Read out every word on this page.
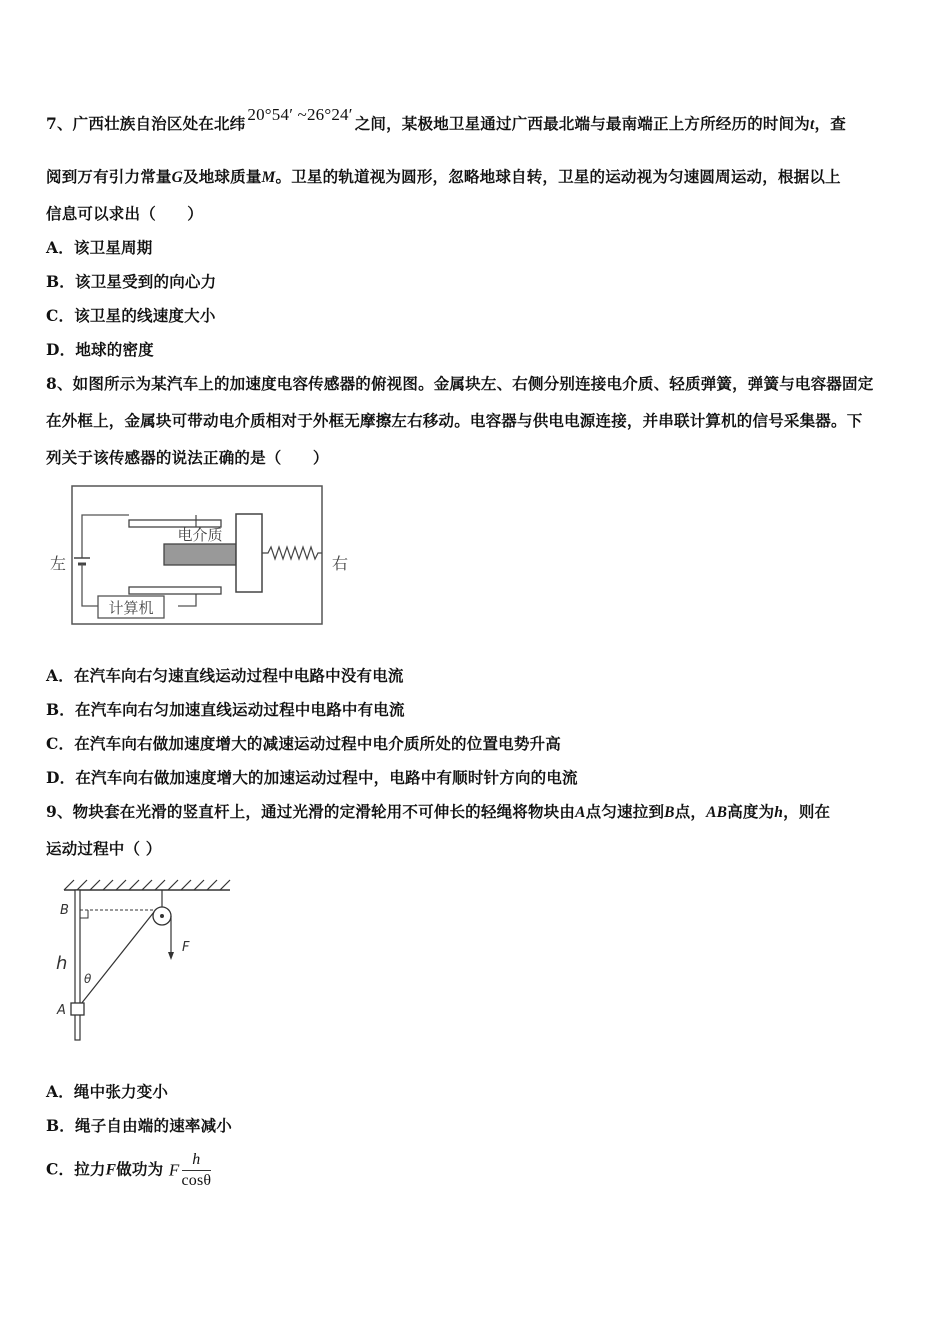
7、广西壮族自治区处在北纬 20°54′ ~26°24′ 之间，某极地卫星通过广西最北端与最南端正上方所经历的时间为t，查
阅到万有引力常量G及地球质量M。卫星的轨道视为圆形，忽略地球自转，卫星的运动视为匀速圆周运动，根据以上
信息可以求出（　　）
A．该卫星周期
B．该卫星受到的向心力
C．该卫星的线速度大小
D．地球的密度
8、如图所示为某汽车上的加速度电容传感器的俯视图。金属块左、右侧分别连接电介质、轻质弹簧，弹簧与电容器固定
在外框上，金属块可带动电介质相对于外框无摩擦左右移动。电容器与供电电源连接，并串联计算机的信号采集器。下
列关于该传感器的说法正确的是（　　）
计算机
电介质
左	右
A．在汽车向右匀速直线运动过程中电路中没有电流
B．在汽车向右匀加速直线运动过程中电路中有电流
C．在汽车向右做加速度增大的减速运动过程中电介质所处的位置电势升高
D．在汽车向右做加速度增大的加速运动过程中，电路中有顺时针方向的电流
9、物块套在光滑的竖直杆上，通过光滑的定滑轮用不可伸长的轻绳将物块由A点匀速拉到B点，AB高度为h，则在
运动过程中（ ）
B
h
θ
A
F
A．绳中张力变小
B．绳子自由端的速率减小
C．拉力F做功为 F $\frac{h}{\cos\theta}$
